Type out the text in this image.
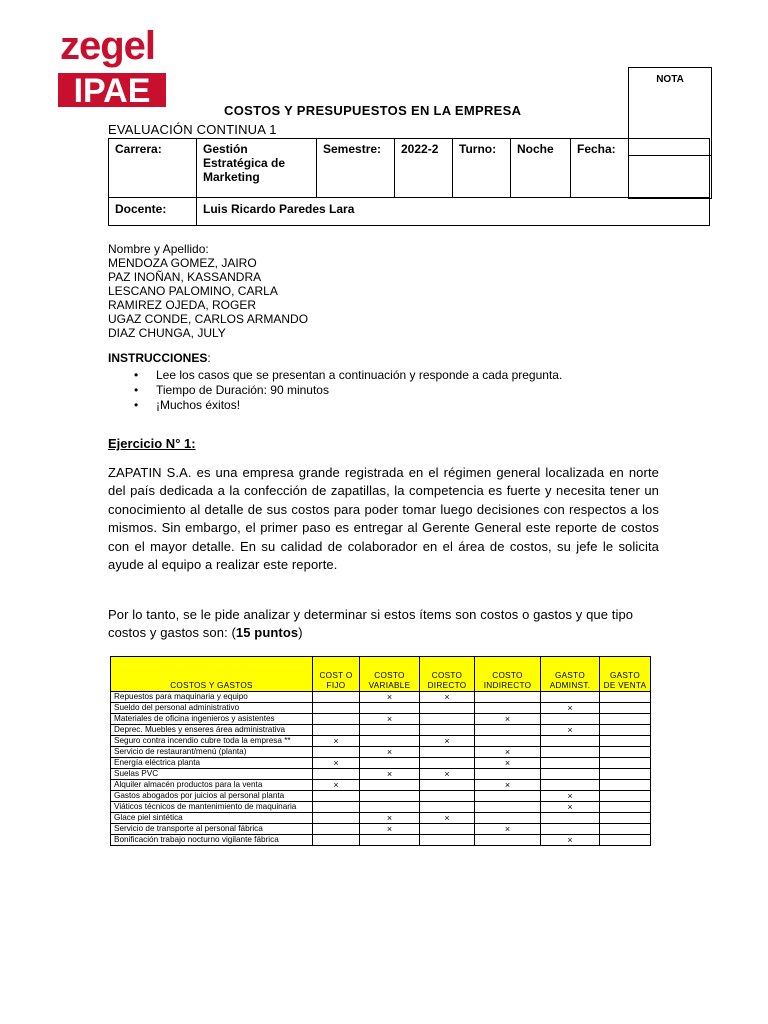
zegel
IPAE	NOTA
COSTOS Y PRESUPUESTOS EN LA EMPRESA
EVALUACIÓN CONTINUA 1
Carrera:	Gestión Estratégica de Marketing
Semestre:	2022-2	Turno:	Noche	Fecha:
Docente:	Luis Ricardo Paredes Lara
Nombre y Apellido:
MENDOZA GOMEZ, JAIRO
PAZ INOÑAN, KASSANDRA
LESCANO PALOMINO, CARLA
RAMIREZ OJEDA, ROGER
UGAZ CONDE, CARLOS ARMANDO
DIAZ CHUNGA, JULY
INSTRUCCIONES:
• Lee los casos que se presentan a continuación y responde a cada pregunta.
• Tiempo de Duración: 90 minutos
• ¡Muchos éxitos!
Ejercicio N° 1:
ZAPATIN S.A. es una empresa grande registrada en el régimen general localizada en norte del país dedicada a la confección de zapatillas, la competencia es fuerte y necesita tener un conocimiento al detalle de sus costos para poder tomar luego decisiones con respectos a los mismos. Sin embargo, el primer paso es entregar al Gerente General este reporte de costos con el mayor detalle. En su calidad de colaborador en el área de costos, su jefe le solicita ayude al equipo a realizar este reporte.
Por lo tanto, se le pide analizar y determinar si estos ítems son costos o gastos y que tipo costos y gastos son: (15 puntos)
COSTOS Y GASTOS	COST O FIJO	COSTO VARIABLE	COSTO DIRECTO	COSTO INDIRECTO	GASTO ADMINST.	GASTO DE VENTA
Repuestos para maquinaria y equipo		×	×			
Sueldo del personal administrativo					×	
Materiales de oficina ingenieros y asistentes		×		×		
Deprec. Muebles y enseres área administrativa					×	
Seguro contra incendio cubre toda la empresa **	×		×			
Servicio de restaurant/menú (planta)		×		×		
Energía eléctrica planta	×			×		
Suelas PVC		×	×			
Alquiler almacén productos para la venta	×			×		
Gastos abogados por juicios al personal planta					×	
Viáticos técnicos de mantenimiento de maquinaria					×	
Glace piel sintética		×	×			
Servicio de transporte al personal fábrica		×		×		
Bonificación trabajo nocturno vigilante fábrica					×	
